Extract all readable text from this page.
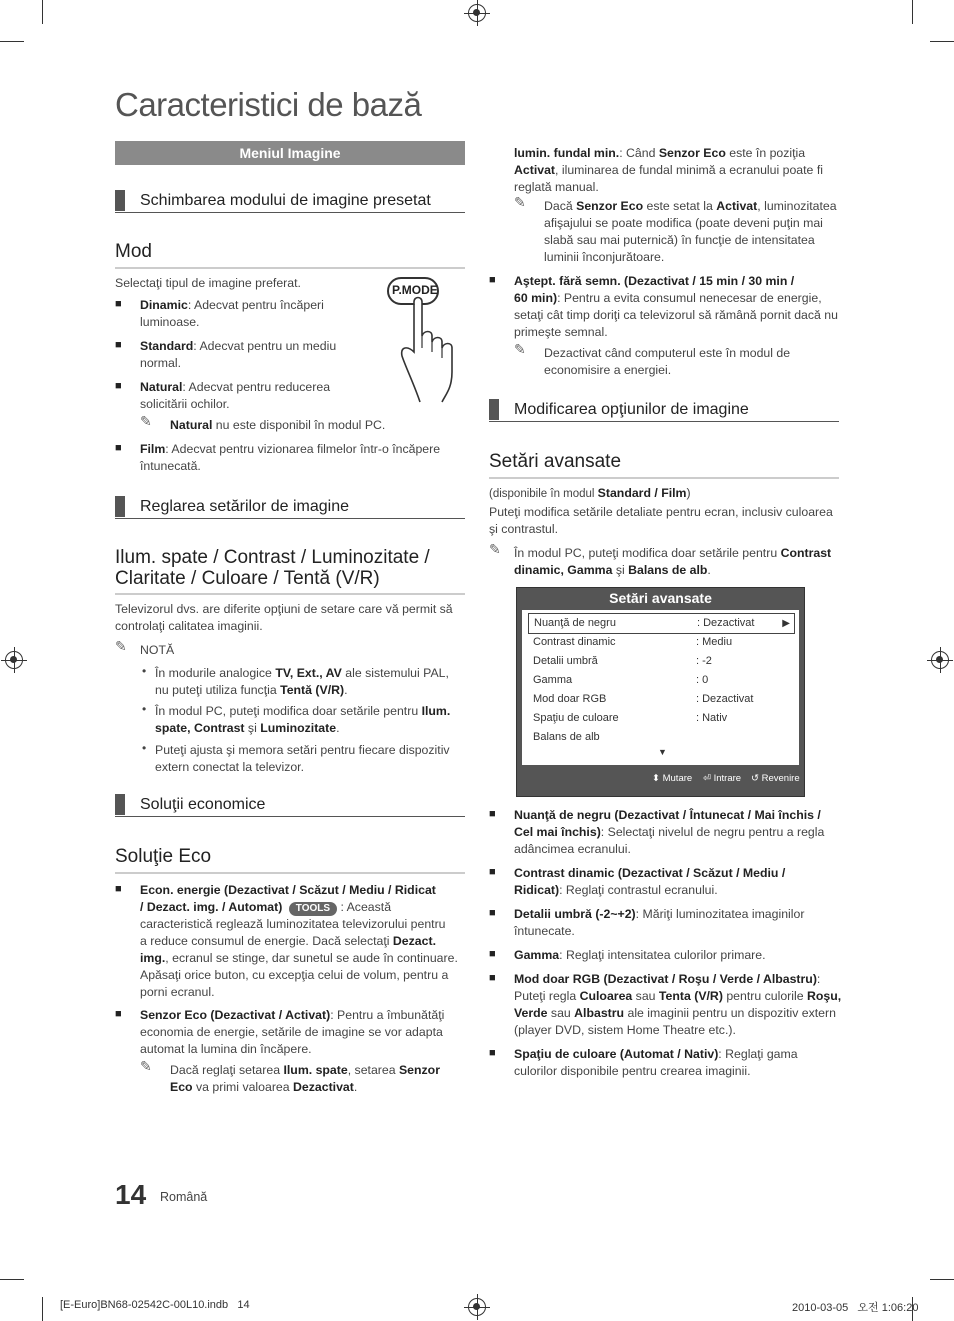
Caracteristici de bază
Meniul Imagine
Schimbarea modului de imagine presetat
Mod
Selectaţi tipul de imagine preferat.
■ Dinamic: Adecvat pentru încăperi
luminoase.
■ Standard: Adecvat pentru un mediu
normal.
■ Natural: Adecvat pentru reducerea
solicitării ochilor.
✎ Natural nu este disponibil în modul PC.
■ Film: Adecvat pentru vizionarea filmelor într-o încăpere
întunecată.
P.MODE
Reglarea setărilor de imagine
Ilum. spate / Contrast / Luminozitate /
Claritate / Culoare / Tentă (V/R)
Televizorul dvs. are diferite opţiuni de setare care vă permit să
controlaţi calitatea imaginii.
✎ NOTĂ
• În modurile analogice TV, Ext., AV ale sistemului PAL,
nu puteţi utiliza funcţia Tentă (V/R).
• În modul PC, puteţi modifica doar setările pentru Ilum.
spate, Contrast şi Luminozitate.
• Puteţi ajusta şi memora setări pentru fiecare dispozitiv
extern conectat la televizor.
Soluţii economice
Soluţie Eco
■ Econ. energie (Dezactivat / Scăzut / Mediu / Ridicat
/ Dezact. img. / Automat) TOOLS : Această
caracteristică reglează luminozitatea televizorului pentru
a reduce consumul de energie. Dacă selectaţi Dezact.
img., ecranul se stinge, dar sunetul se aude în continuare.
Apăsaţi orice buton, cu excepţia celui de volum, pentru a
porni ecranul.
■ Senzor Eco (Dezactivat / Activat): Pentru a îmbunătăţi
economia de energie, setările de imagine se vor adapta
automat la lumina din încăpere.
✎ Dacă reglaţi setarea Ilum. spate, setarea Senzor
Eco va primi valoarea Dezactivat.
lumin. fundal min.: Când Senzor Eco este în poziţia
Activat, iluminarea de fundal minimă a ecranului poate fi
reglată manual.
✎ Dacă Senzor Eco este setat la Activat, luminozitatea
afişajului se poate modifica (poate deveni puţin mai
slabă sau mai puternică) în funcţie de intensitatea
luminii înconjurătoare.
■ Aştept. fără semn. (Dezactivat / 15 min / 30 min /
60 min): Pentru a evita consumul nenecesar de energie,
setaţi cât timp doriţi ca televizorul să rămână pornit dacă nu
primeşte semnal.
✎ Dezactivat când computerul este în modul de
economisire a energiei.
Modificarea opţiunilor de imagine
Setări avansate
(disponibile în modul Standard / Film)
Puteţi modifica setările detaliate pentru ecran, inclusiv culoarea
şi contrastul.
✎ În modul PC, puteţi modifica doar setările pentru Contrast
dinamic, Gamma şi Balans de alb.
Setări avansate
Nuanţă de negru	: Dezactivat	▶
Contrast dinamic	: Mediu
Detalii umbră	: -2
Gamma	: 0
Mod doar RGB	: Dezactivat
Spaţiu de culoare	: Nativ
Balans de alb
▼
⬍ Mutare ⏎ Intrare ↺ Revenire
■ Nuanţă de negru (Dezactivat / Întunecat / Mai închis /
Cel mai închis): Selectaţi nivelul de negru pentru a regla
adâncimea ecranului.
■ Contrast dinamic (Dezactivat / Scăzut / Mediu /
Ridicat): Reglaţi contrastul ecranului.
■ Detalii umbră (-2~+2): Măriţi luminozitatea imaginilor
întunecate.
■ Gamma: Reglaţi intensitatea culorilor primare.
■ Mod doar RGB (Dezactivat / Roşu / Verde / Albastru):
Puteţi regla Culoarea sau Tenta (V/R) pentru culorile Roşu,
Verde sau Albastru ale imaginii pentru un dispozitiv extern
(player DVD, sistem Home Theatre etc.).
■ Spaţiu de culoare (Automat / Nativ): Reglaţi gama
culorilor disponibile pentru crearea imaginii.
14 Română
[E-Euro]BN68-02542C-00L10.indb   14	2010-03-05   오전 1:06:20
